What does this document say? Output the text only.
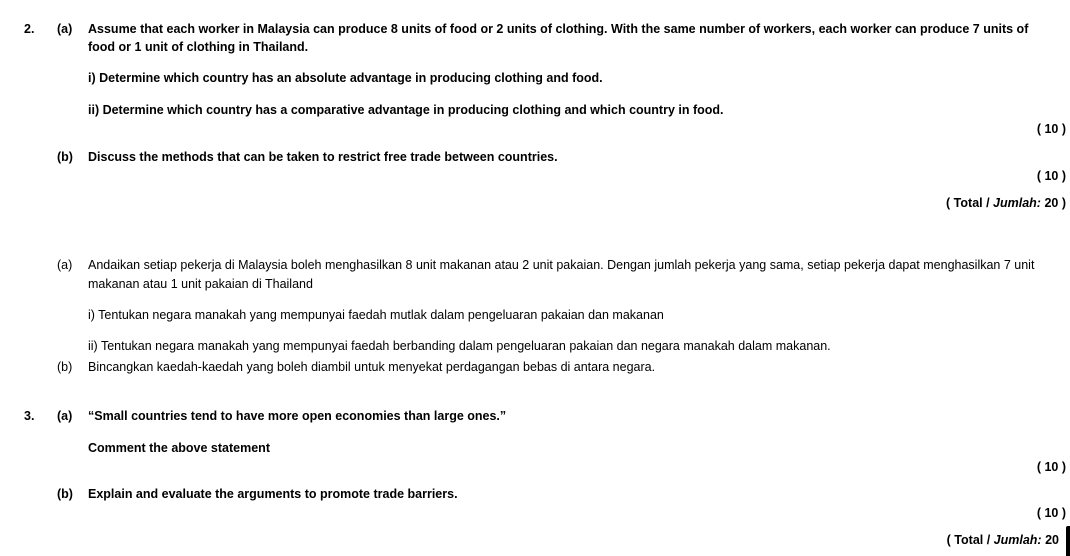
2. (a) Assume that each worker in Malaysia can produce 8 units of food or 2 units of clothing. With the same number of workers, each worker can produce 7 units of
food or 1 unit of clothing in Thailand.
i) Determine which country has an absolute advantage in producing clothing and food.
ii) Determine which country has a comparative advantage in producing clothing and which country in food.
( 10 )
(b) Discuss the methods that can be taken to restrict free trade between countries.
( 10 )
( Total / Jumlah: 20 )
(a) Andaikan setiap pekerja di Malaysia boleh menghasilkan 8 unit makanan atau 2 unit pakaian. Dengan jumlah pekerja yang sama, setiap pekerja dapat menghasilkan 7 unit
makanan atau 1 unit pakaian di Thailand
i) Tentukan negara manakah yang mempunyai faedah mutlak dalam pengeluaran pakaian dan makanan
ii) Tentukan negara manakah yang mempunyai faedah berbanding dalam pengeluaran pakaian dan negara manakah dalam makanan.
(b) Bincangkan kaedah-kaedah yang boleh diambil untuk menyekat perdagangan bebas di antara negara.
3. (a) “Small countries tend to have more open economies than large ones.”
Comment the above statement
( 10 )
(b) Explain and evaluate the arguments to promote trade barriers.
( 10 )
( Total / Jumlah: 20
